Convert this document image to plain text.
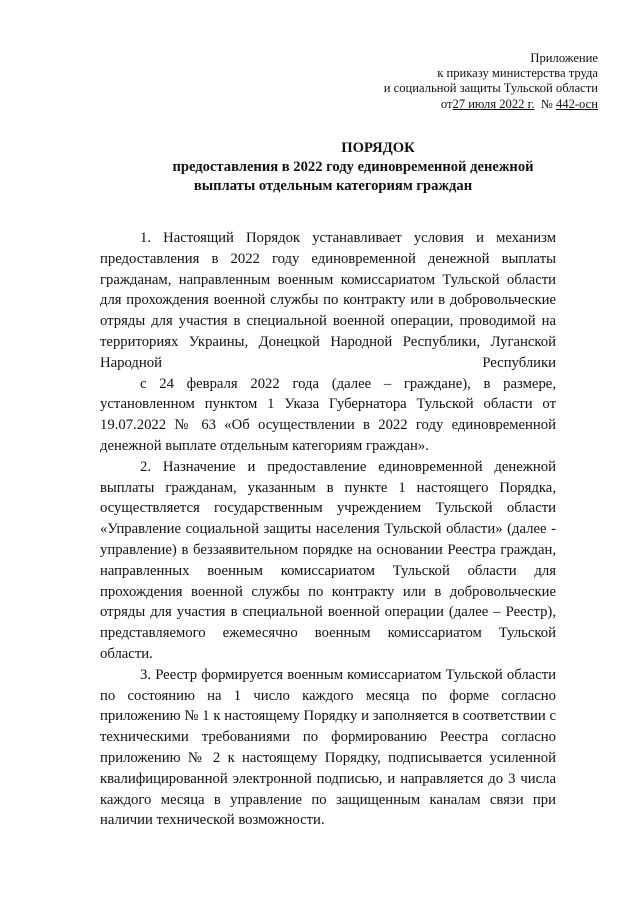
Приложение
к приказу министерства труда
и социальной защиты Тульской области
от27 июля 2022 г. № 442-осн
ПОРЯДОК
предоставления в 2022 году единовременной денежной
выплаты отдельным категориям граждан

1. Настоящий Порядок устанавливает условия и механизм предоставления в 2022 году единовременной денежной выплаты гражданам, направленным военным комиссариатом Тульской области для прохождения военной службы по контракту или в добровольческие отряды для участия в специальной военной операции, проводимой на территориях Украины, Донецкой Народной Республики, Луганской Народной Республики
с 24 февраля 2022 года (далее – граждане), в размере, установленном пунктом 1 Указа Губернатора Тульской области от 19.07.2022 № 63 «Об осуществлении в 2022 году единовременной денежной выплате отдельным категориям граждан».

2. Назначение и предоставление единовременной денежной выплаты гражданам, указанным в пункте 1 настоящего Порядка, осуществляется государственным учреждением Тульской области «Управление социальной защиты населения Тульской области» (далее - управление) в беззаявительном порядке на основании Реестра граждан, направленных военным комиссариатом Тульской области для прохождения военной службы по контракту или в добровольческие отряды для участия в специальной военной операции (далее – Реестр), представляемого ежемесячно военным комиссариатом Тульской области.

3. Реестр формируется военным комиссариатом Тульской области по состоянию на 1 число каждого месяца по форме согласно приложению № 1 к настоящему Порядку и заполняется в соответствии с техническими требованиями по формированию Реестра согласно приложению № 2 к настоящему Порядку, подписывается усиленной квалифицированной электронной подписью, и направляется до 3 числа каждого месяца в управление по защищенным каналам связи при наличии технической возможности.
